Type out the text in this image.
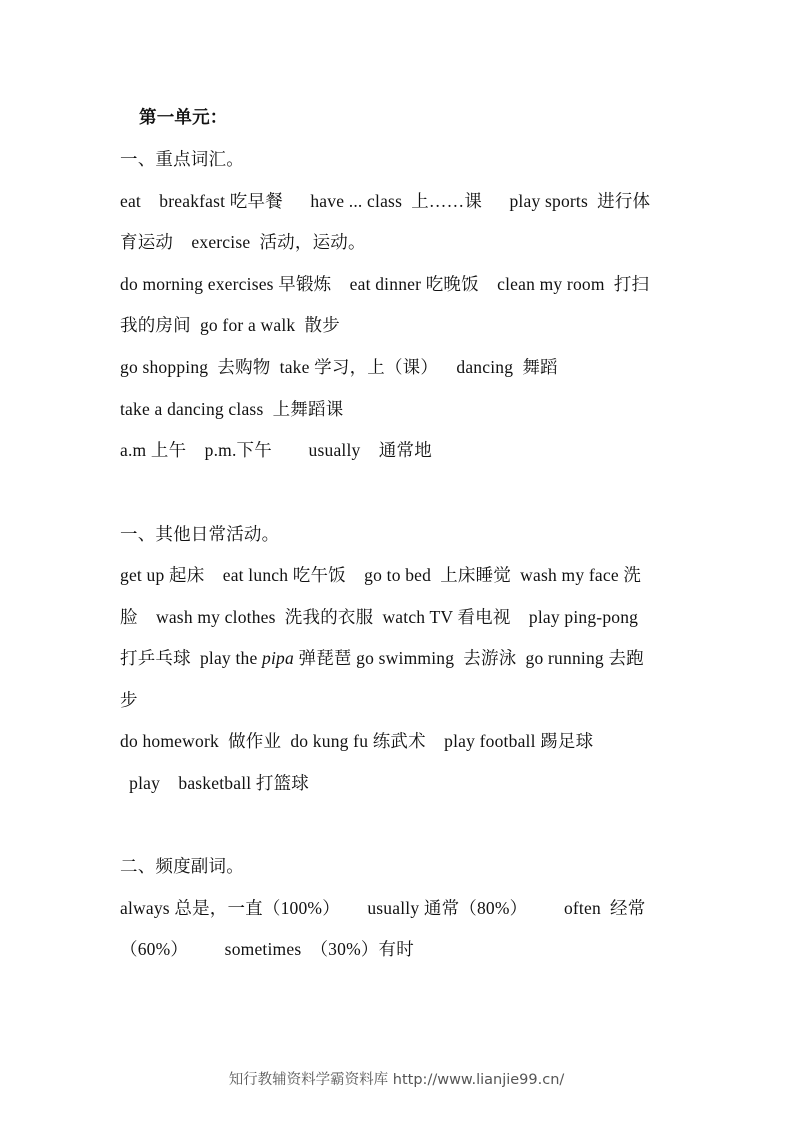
第一单元：
一、重点词汇。
eat    breakfast 吃早餐      have ... class  上……课      play sports  进行体
育运动    exercise  活动，运动。
do morning exercises 早锻炼    eat dinner 吃晚饭    clean my room  打扫
我的房间  go for a walk  散步
go shopping  去购物  take 学习，上（课）    dancing  舞蹈
take a dancing class  上舞蹈课
a.m 上午    p.m.下午        usually    通常地
一、其他日常活动。
get up 起床    eat lunch 吃午饭    go to bed  上床睡觉  wash my face 洗
脸    wash my clothes  洗我的衣服  watch TV 看电视    play ping-pong
打乒乓球  play the pipa 弹琵琶 go swimming  去游泳  go running 去跑
步
do homework  做作业  do kung fu 练武术    play football 踢足球
play    basketball 打篮球
二、频度副词。
always 总是，一直（100%）      usually 通常（80%）        often  经常
（60%）        sometimes  （30%）有时
知行教辅资料学霸资料库 http://www.lianjie99.cn/
